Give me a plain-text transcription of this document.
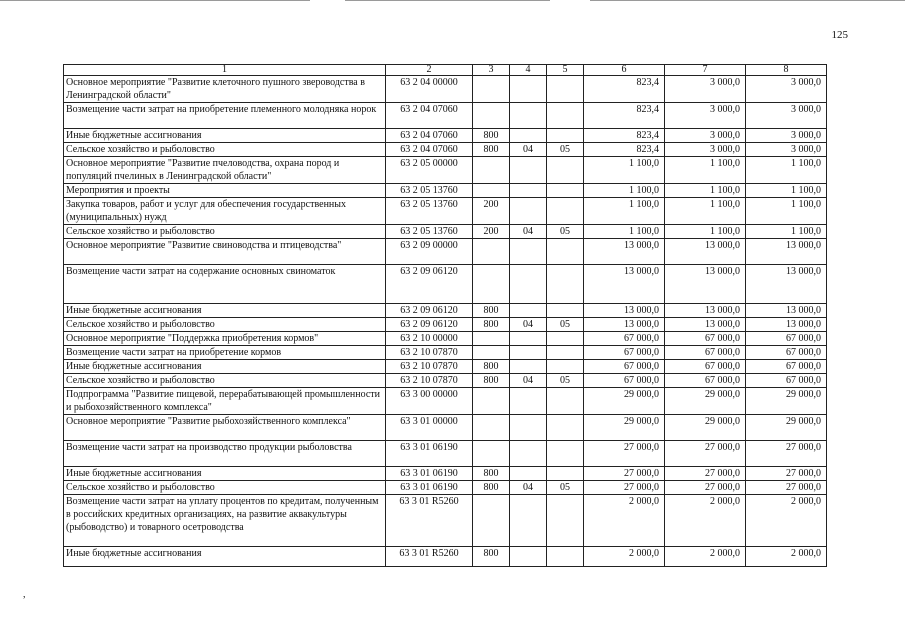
125
1	2	3	4	5	6	7	8
Основное мероприятие "Развитие клеточного пушного звероводства в Ленинградской области"	63 2 04 00000				823,4	3 000,0	3 000,0
Возмещение части затрат на приобретение племенного молодняка норок	63 2 04 07060				823,4	3 000,0	3 000,0
Иные бюджетные ассигнования	63 2 04 07060	800			823,4	3 000,0	3 000,0
Сельское хозяйство и рыболовство	63 2 04 07060	800	04	05	823,4	3 000,0	3 000,0
Основное мероприятие "Развитие пчеловодства, охрана пород и популяций пчелиных в Ленинградской области"	63 2 05 00000				1 100,0	1 100,0	1 100,0
Мероприятия и проекты	63 2 05 13760				1 100,0	1 100,0	1 100,0
Закупка товаров, работ и услуг для обеспечения государственных (муниципальных) нужд	63 2 05 13760	200			1 100,0	1 100,0	1 100,0
Сельское хозяйство и рыболовство	63 2 05 13760	200	04	05	1 100,0	1 100,0	1 100,0
Основное мероприятие "Развитие свиноводства и птицеводства"	63 2 09 00000				13 000,0	13 000,0	13 000,0
Возмещение части затрат на содержание основных свиноматок	63 2 09 06120				13 000,0	13 000,0	13 000,0
Иные бюджетные ассигнования	63 2 09 06120	800			13 000,0	13 000,0	13 000,0
Сельское хозяйство и рыболовство	63 2 09 06120	800	04	05	13 000,0	13 000,0	13 000,0
Основное мероприятие "Поддержка приобретения кормов"	63 2 10 00000				67 000,0	67 000,0	67 000,0
Возмещение части затрат на приобретение кормов	63 2 10 07870				67 000,0	67 000,0	67 000,0
Иные бюджетные ассигнования	63 2 10 07870	800			67 000,0	67 000,0	67 000,0
Сельское хозяйство и рыболовство	63 2 10 07870	800	04	05	67 000,0	67 000,0	67 000,0
Подпрограмма "Развитие пищевой, перерабатывающей промышленности и рыбохозяйственного комплекса"	63 3 00 00000				29 000,0	29 000,0	29 000,0
Основное мероприятие "Развитие рыбохозяйственного комплекса"	63 3 01 00000				29 000,0	29 000,0	29 000,0
Возмещение части затрат на производство продукции рыболовства	63 3 01 06190				27 000,0	27 000,0	27 000,0
Иные бюджетные ассигнования	63 3 01 06190	800			27 000,0	27 000,0	27 000,0
Сельское хозяйство и рыболовство	63 3 01 06190	800	04	05	27 000,0	27 000,0	27 000,0
Возмещение части затрат на уплату процентов по кредитам, полученным в российских кредитных организациях, на развитие аквакультуры (рыбоводство) и товарного осетроводства	63 3 01 R5260				2 000,0	2 000,0	2 000,0
Иные бюджетные ассигнования	63 3 01 R5260	800			2 000,0	2 000,0	2 000,0
,
